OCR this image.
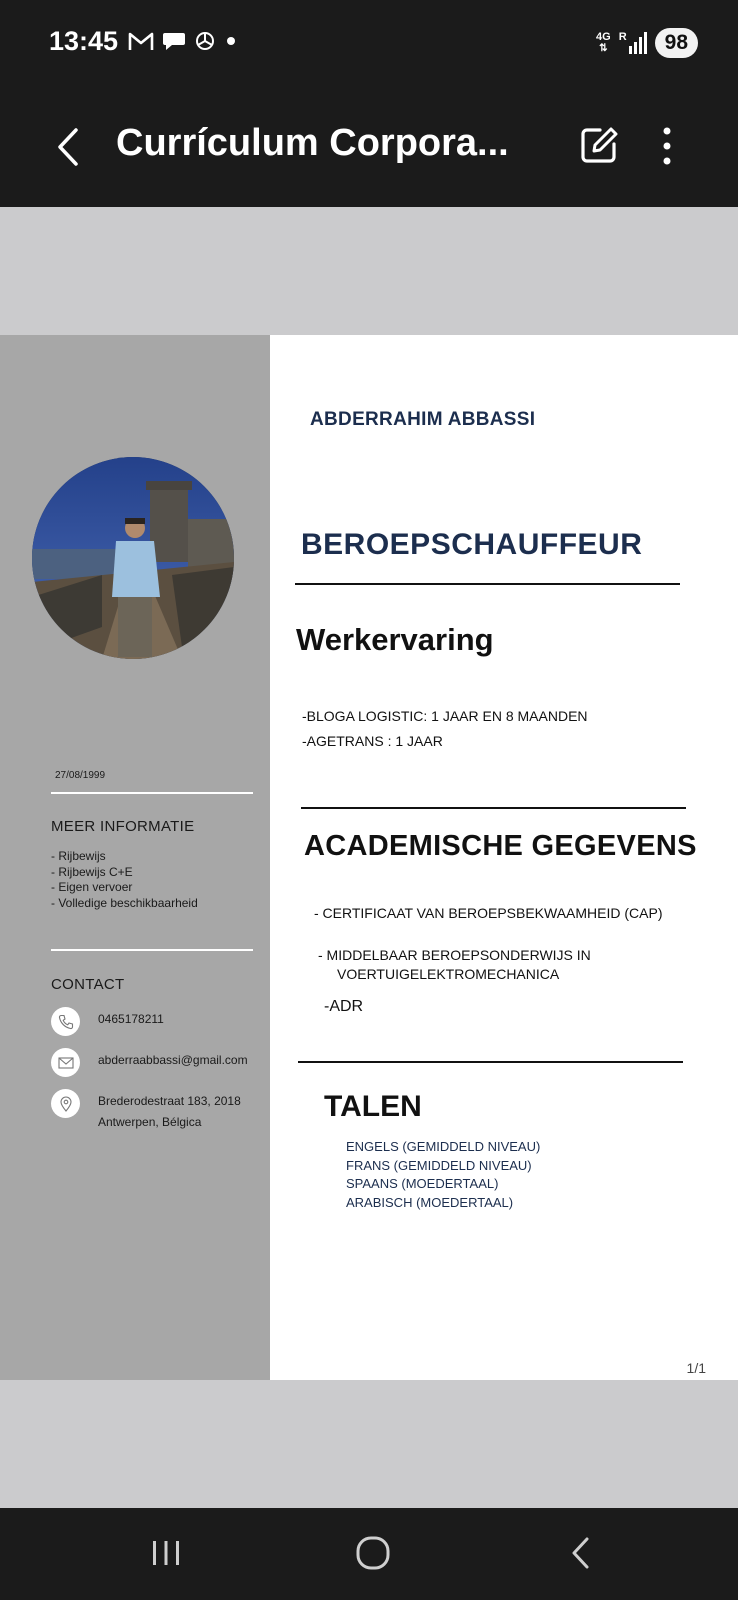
13:45	4G
⇅
R	98
Currículum Corpora...
27/08/1999
MEER INFORMATIE
- Rijbewijs
- Rijbewijs C+E
- Eigen vervoer
- Volledige beschikbaarheid
CONTACT
0465178211
abderraabbassi@gmail.com
Brederodestraat 183, 2018
Antwerpen, Bélgica
ABDERRAHIM ABBASSI
BEROEPSCHAUFFEUR
Werkervaring
-BLOGA LOGISTIC: 1 JAAR EN 8 MAANDEN
-AGETRANS : 1 JAAR
ACADEMISCHE GEGEVENS
- CERTIFICAAT VAN BEROEPSBEKWAAMHEID (CAP)
- MIDDELBAAR BEROEPSONDERWIJS IN
VOERTUIGELEKTROMECHANICA
-ADR
TALEN
ENGELS (GEMIDDELD NIVEAU)
FRANS (GEMIDDELD NIVEAU)
SPAANS (MOEDERTAAL)
ARABISCH (MOEDERTAAL)
1/1
